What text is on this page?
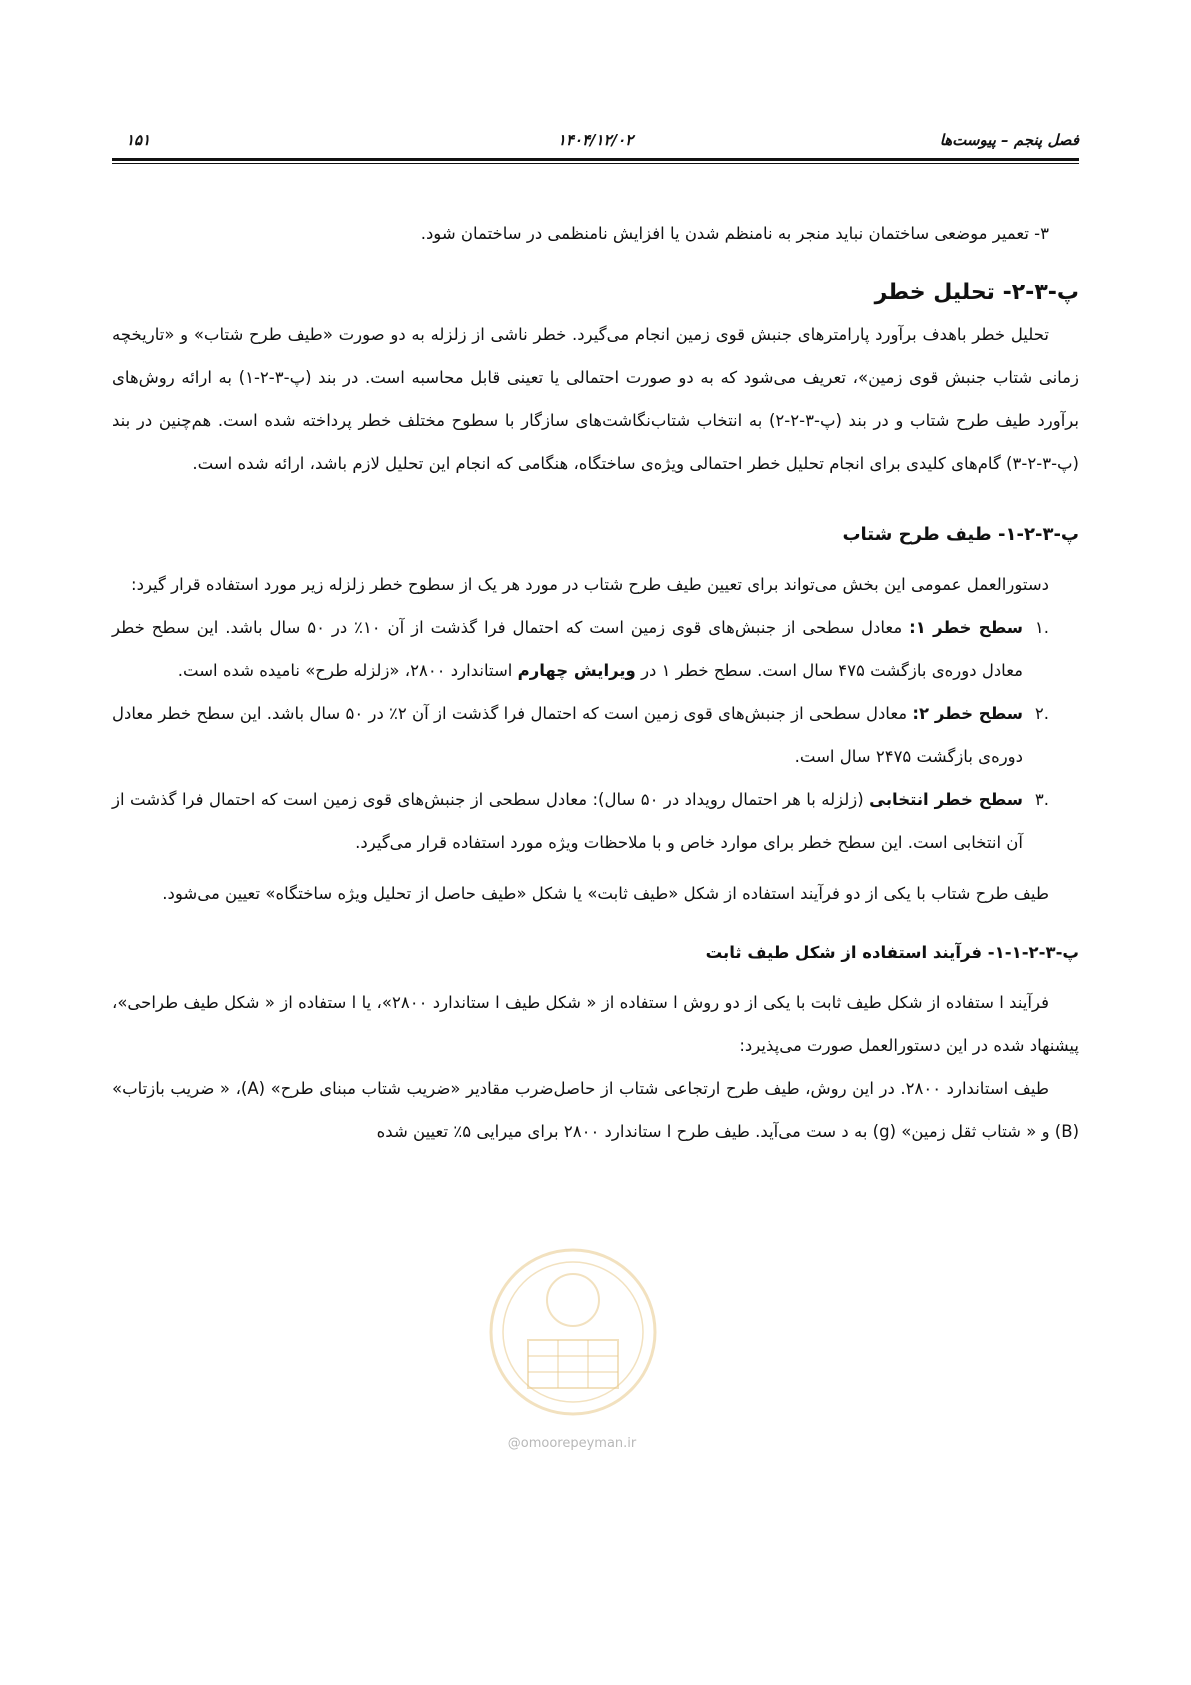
فصل پنجم – پیوست‌ها
۱۴۰۴/۱۲/۰۲
۱۵۱

۳- تعمیر موضعی ساختمان نباید منجر به نامنظم شدن یا افزایش نامنظمی در ساختمان شود.

پ-۳-۲- تحلیل خطر

تحلیل خطر باهدف برآورد پارامترهای جنبش قوی زمین انجام می‌گیرد. خطر ناشی از زلزله به دو صورت «طیف طرح شتاب» و «تاریخچه زمانی شتاب جنبش قوی زمین»، تعریف می‌شود که به دو صورت احتمالی یا تعینی قابل محاسبه است. در بند (پ-۳-۲-۱) به ارائه روش‌های برآورد طیف طرح شتاب و در بند (پ-۳-۲-۲) به انتخاب شتاب‌نگاشت‌های سازگار با سطوح مختلف خطر پرداخته شده است. هم‌چنین در بند (پ-۳-۲-۳) گام‌های کلیدی برای انجام تحلیل خطر احتمالی ویژه‌ی ساختگاه، هنگامی که انجام این تحلیل لازم باشد، ارائه شده است.

پ-۳-۲-۱- طیف طرح شتاب

دستورالعمل عمومی این بخش می‌تواند برای تعیین طیف طرح شتاب در مورد هر یک از سطوح خطر زلزله زیر مورد استفاده قرار گیرد:

.۱

سطح خطر ۱: معادل سطحی از جنبش‌های قوی زمین است که احتمال فرا گذشت از آن ۱۰٪ در ۵۰ سال باشد. این سطح خطر معادل دوره‌ی بازگشت ۴۷۵ سال است. سطح خطر ۱ در ویرایش چهارم استاندارد ۲۸۰۰، «زلزله طرح» نامیده شده است.

.۲

سطح خطر ۲: معادل سطحی از جنبش‌های قوی زمین است که احتمال فرا گذشت از آن ۲٪ در ۵۰ سال باشد. این سطح خطر معادل دوره‌ی بازگشت ۲۴۷۵ سال است.

.۳

سطح خطر انتخابی (زلزله با هر احتمال رویداد در ۵۰ سال): معادل سطحی از جنبش‌های قوی زمین است که احتمال فرا گذشت از آن انتخابی است. این سطح خطر برای موارد خاص و با ملاحظات ویژه مورد استفاده قرار می‌گیرد.

طیف طرح شتاب با یکی از دو فرآیند استفاده از شکل «طیف ثابت» یا شکل «طیف حاصل از تحلیل ویژه ساختگاه» تعیین می‌شود.

پ-۳-۲-۱-۱- فرآیند استفاده از شکل طیف ثابت

فرآیند ا ستفاده از شکل طیف ثابت با یکی از دو روش ا ستفاده از « شکل طیف ا ستاندارد ۲۸۰۰»، یا ا ستفاده از « شکل طیف طراحی»، پیشنهاد شده در این دستورالعمل صورت می‌پذیرد:

طیف استاندارد ۲۸۰۰. در این روش، طیف طرح ارتجاعی شتاب از حاصل‌ضرب مقادیر «ضریب شتاب مبنای طرح» (A)، « ضریب بازتاب» (B) و « شتاب ثقل زمین» (g) به د ست می‌آید. طیف طرح ا ستاندارد ۲۸۰۰ برای میرایی ۵٪ تعیین شده

@omoorepeyman.ir
